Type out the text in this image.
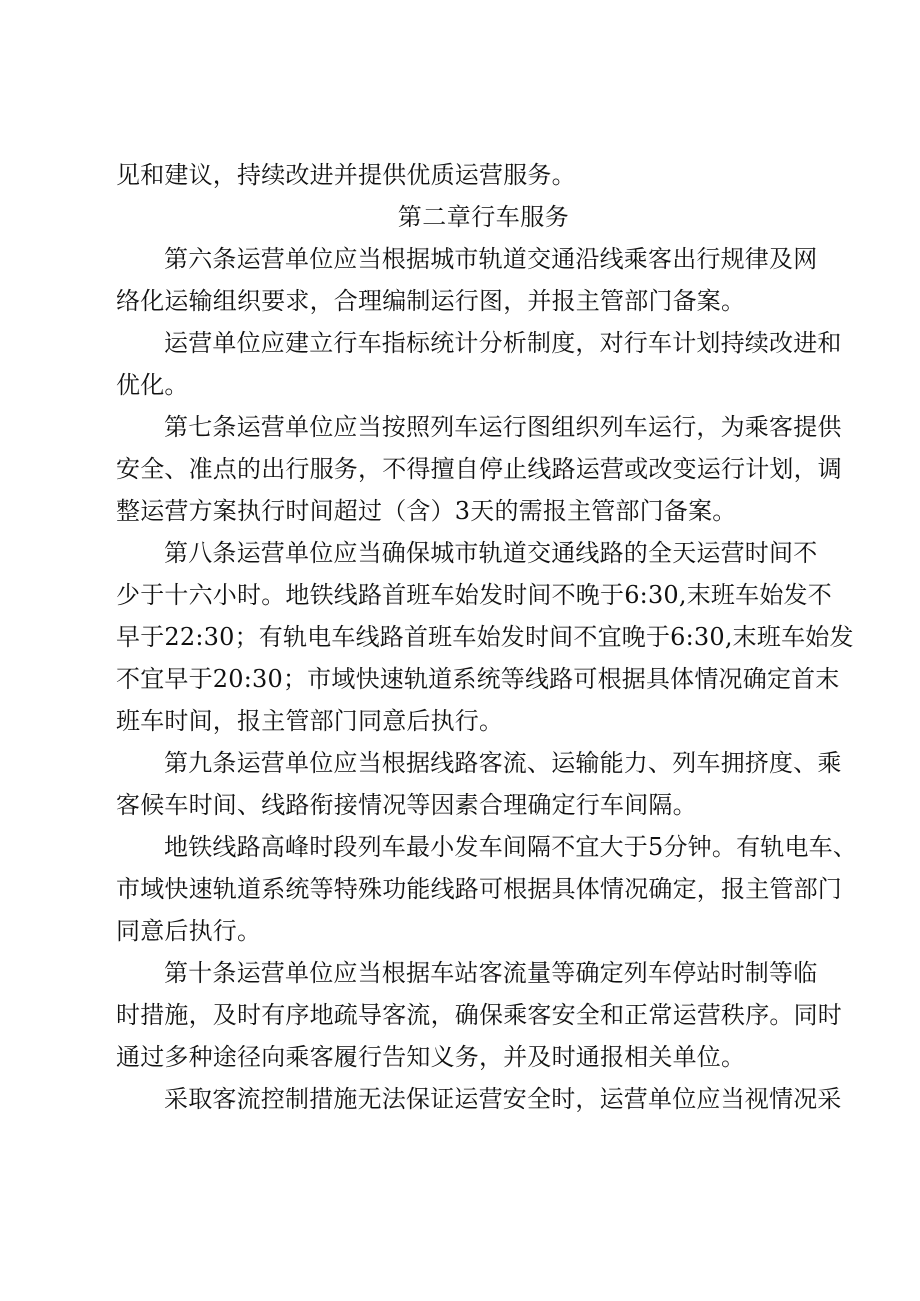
见和建议，持续改进并提供优质运营服务。
第二章行车服务
第六条运营单位应当根据城市轨道交通沿线乘客出行规律及网
络化运输组织要求，合理编制运行图，并报主管部门备案。
运营单位应建立行车指标统计分析制度，对行车计划持续改进和
优化。
第七条运营单位应当按照列车运行图组织列车运行，为乘客提供
安全、准点的出行服务，不得擅自停止线路运营或改变运行计划，调
整运营方案执行时间超过（含）3天的需报主管部门备案。
第八条运营单位应当确保城市轨道交通线路的全天运营时间不
少于十六小时。地铁线路首班车始发时间不晚于6:30,末班车始发不
早于22:30；有轨电车线路首班车始发时间不宜晚于6:30,末班车始发
不宜早于20:30；市域快速轨道系统等线路可根据具体情况确定首末
班车时间，报主管部门同意后执行。
第九条运营单位应当根据线路客流、运输能力、列车拥挤度、乘
客候车时间、线路衔接情况等因素合理确定行车间隔。
地铁线路高峰时段列车最小发车间隔不宜大于5分钟。有轨电车、
市域快速轨道系统等特殊功能线路可根据具体情况确定，报主管部门
同意后执行。
第十条运营单位应当根据车站客流量等确定列车停站时制等临
时措施，及时有序地疏导客流，确保乘客安全和正常运营秩序。同时
通过多种途径向乘客履行告知义务，并及时通报相关单位。
采取客流控制措施无法保证运营安全时，运营单位应当视情况采
